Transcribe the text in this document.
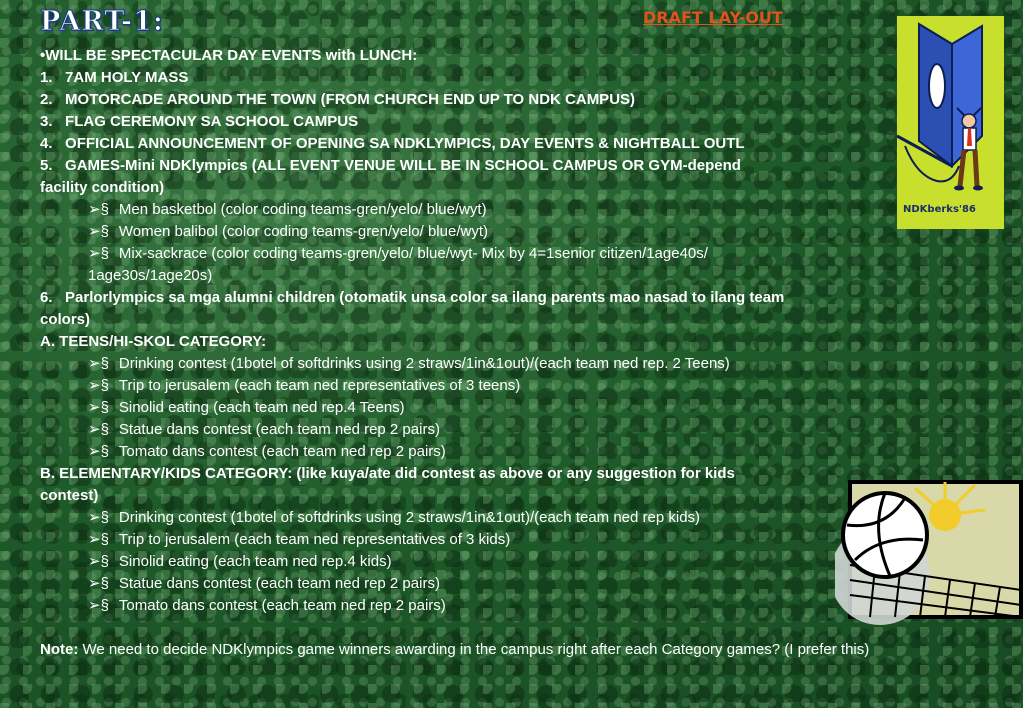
PART-1:	DRAFT LAY-OUT
•WILL BE SPECTACULAR DAY EVENTS with LUNCH:
1. 7AM HOLY MASS
2. MOTORCADE AROUND THE TOWN (FROM CHURCH END UP TO NDK CAMPUS)
3. FLAG CEREMONY SA SCHOOL CAMPUS
4. OFFICIAL ANNOUNCEMENT OF OPENING SA NDKLYMPICS, DAY EVENTS & NIGHTBALL OUTL
5. GAMES-Mini NDKlympics (ALL EVENT VENUE WILL BE IN SCHOOL CAMPUS OR GYM-depend
facility condition)
➢§ Men basketbol (color coding teams-gren/yelo/ blue/wyt)
➢§ Women balibol (color coding teams-gren/yelo/ blue/wyt)
➢§ Mix-sackrace (color coding teams-gren/yelo/ blue/wyt- Mix by 4=1senior citizen/1age40s/
1age30s/1age20s)
6. Parlorlympics sa mga alumni children (otomatik unsa color sa ilang parents mao nasad to ilang team
colors)
A. TEENS/HI-SKOL CATEGORY:
➢§ Drinking contest (1botel of softdrinks using 2 straws/1in&1out)/(each team ned rep. 2 Teens)
➢§ Trip to jerusalem (each team ned representatives of 3 teens)
➢§ Sinolid eating (each team ned rep.4 Teens)
➢§ Statue dans contest (each team ned rep 2 pairs)
➢§ Tomato dans contest (each team ned rep 2 pairs)
B. ELEMENTARY/KIDS CATEGORY: (like kuya/ate did contest as above or any suggestion for kids
contest)
➢§ Drinking contest (1botel of softdrinks using 2 straws/1in&1out)/(each team ned rep kids)
➢§ Trip to jerusalem (each team ned representatives of 3 kids)
➢§ Sinolid eating (each team ned rep.4 kids)
➢§ Statue dans contest (each team ned rep 2 pairs)
➢§ Tomato dans contest (each team ned rep 2 pairs)
Note: We need to decide NDKlympics game winners awarding in the campus right after each Category games? (I prefer this)
NDKberks'86
